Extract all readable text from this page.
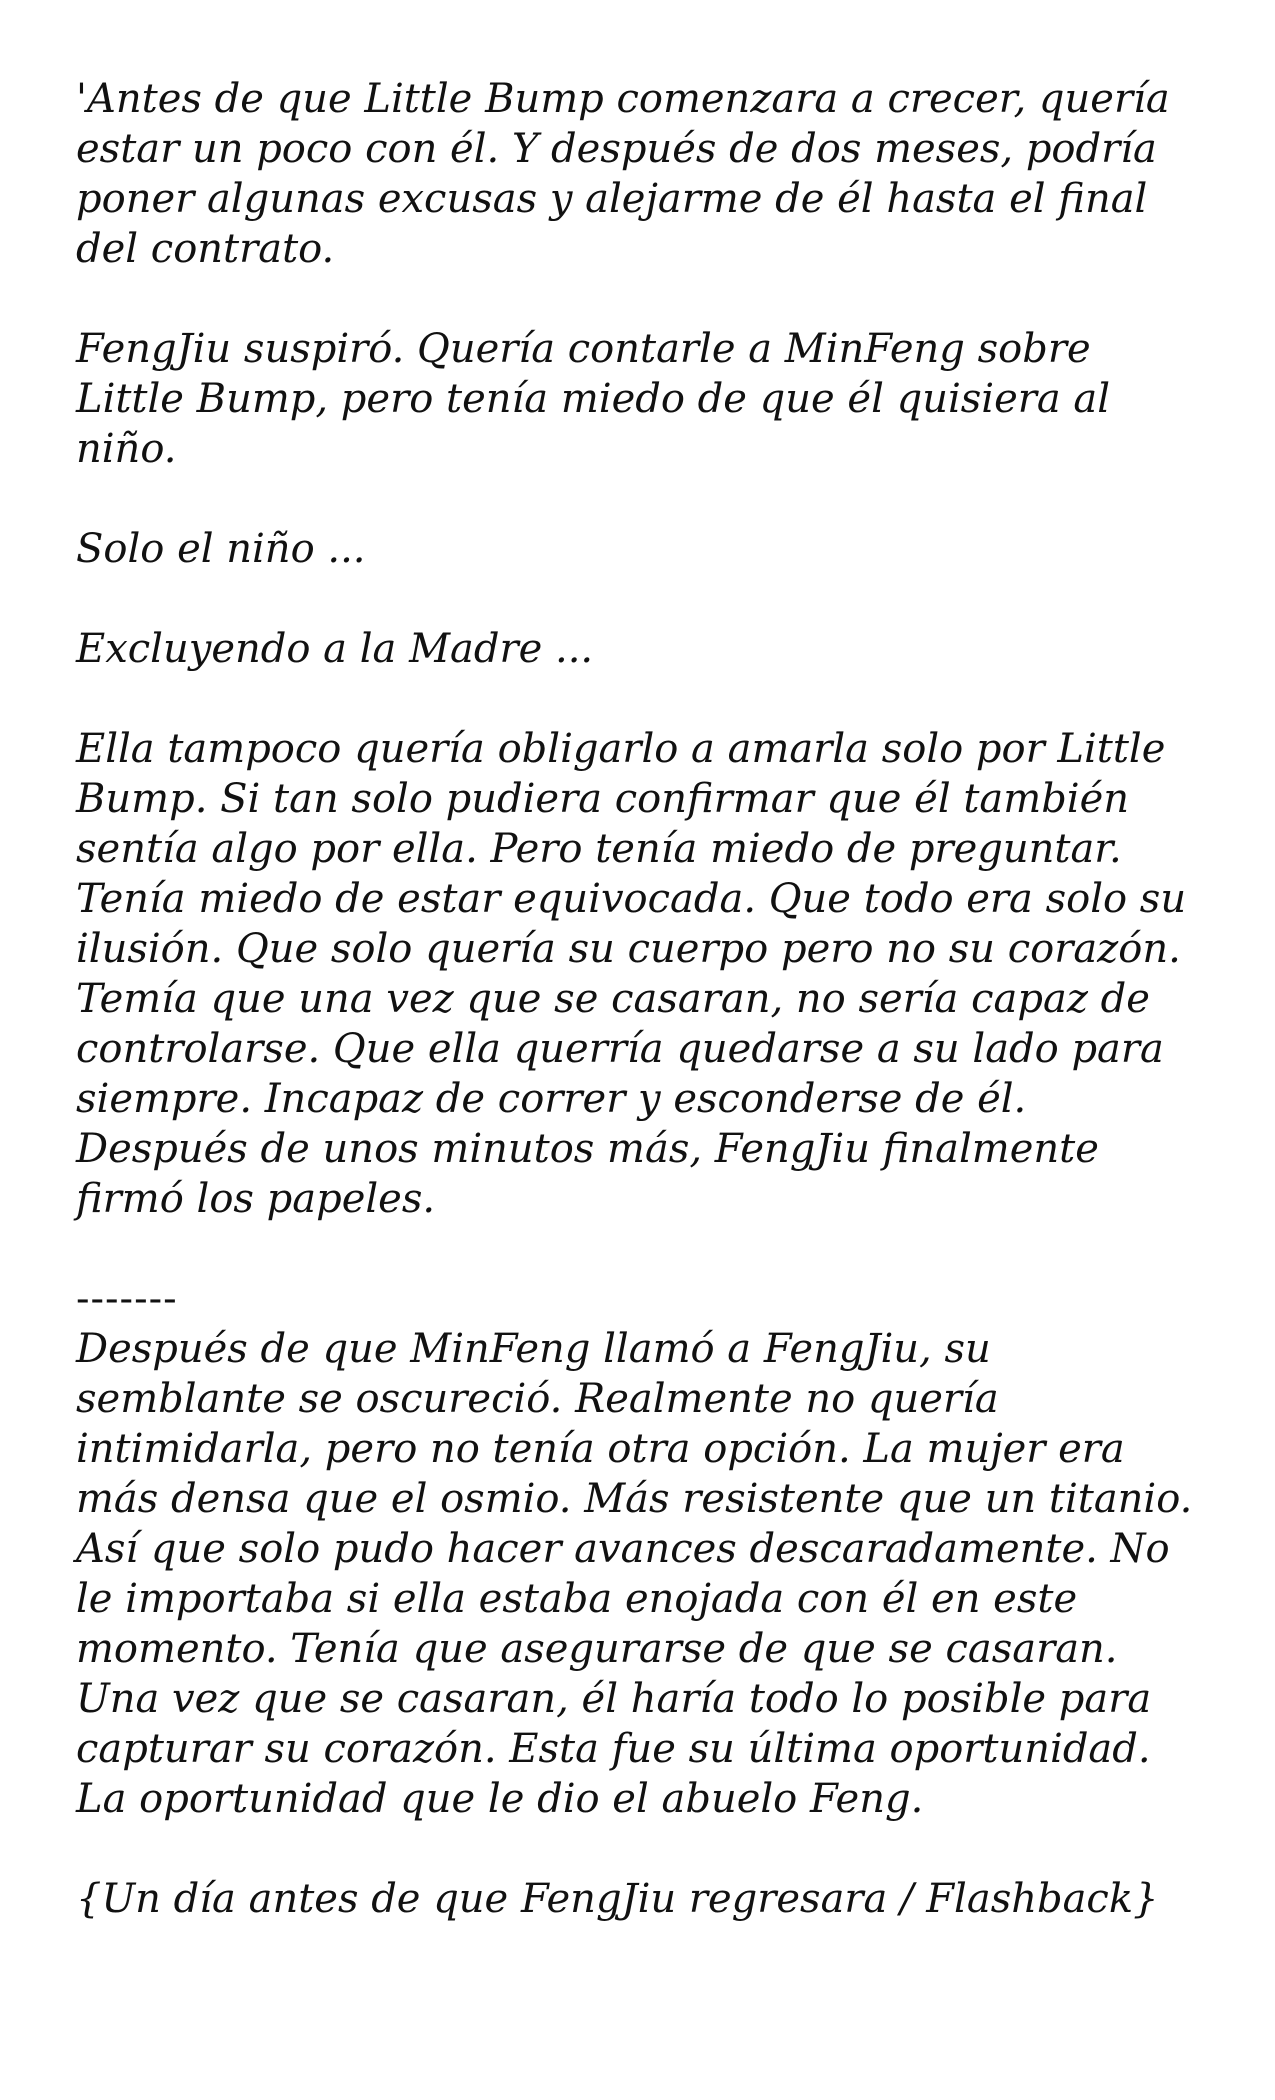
'Antes de que Little Bump comenzara a crecer, quería estar un poco con él. Y después de dos meses, podría poner algunas excusas y alejarme de él hasta el final del contrato.

FengJiu suspiró. Quería contarle a MinFeng sobre Little Bump, pero tenía miedo de que él quisiera al niño.

Solo el niño ...

Excluyendo a la Madre ...

Ella tampoco quería obligarlo a amarla solo por Little Bump. Si tan solo pudiera confirmar que él también sentía algo por ella. Pero tenía miedo de preguntar. Tenía miedo de estar equivocada. Que todo era solo su ilusión. Que solo quería su cuerpo pero no su corazón. Temía que una vez que se casaran, no sería capaz de controlarse. Que ella querría quedarse a su lado para siempre. Incapaz de correr y esconderse de él. Después de unos minutos más, FengJiu finalmente firmó los papeles.

-------

Después de que MinFeng llamó a FengJiu, su semblante se oscureció. Realmente no quería intimidarla, pero no tenía otra opción. La mujer era más densa que el osmio. Más resistente que un titanio. Así que solo pudo hacer avances descaradamente. No le importaba si ella estaba enojada con él en este momento. Tenía que asegurarse de que se casaran. Una vez que se casaran, él haría todo lo posible para capturar su corazón. Esta fue su última oportunidad. La oportunidad que le dio el abuelo Feng.

{Un día antes de que FengJiu regresara / Flashback}
